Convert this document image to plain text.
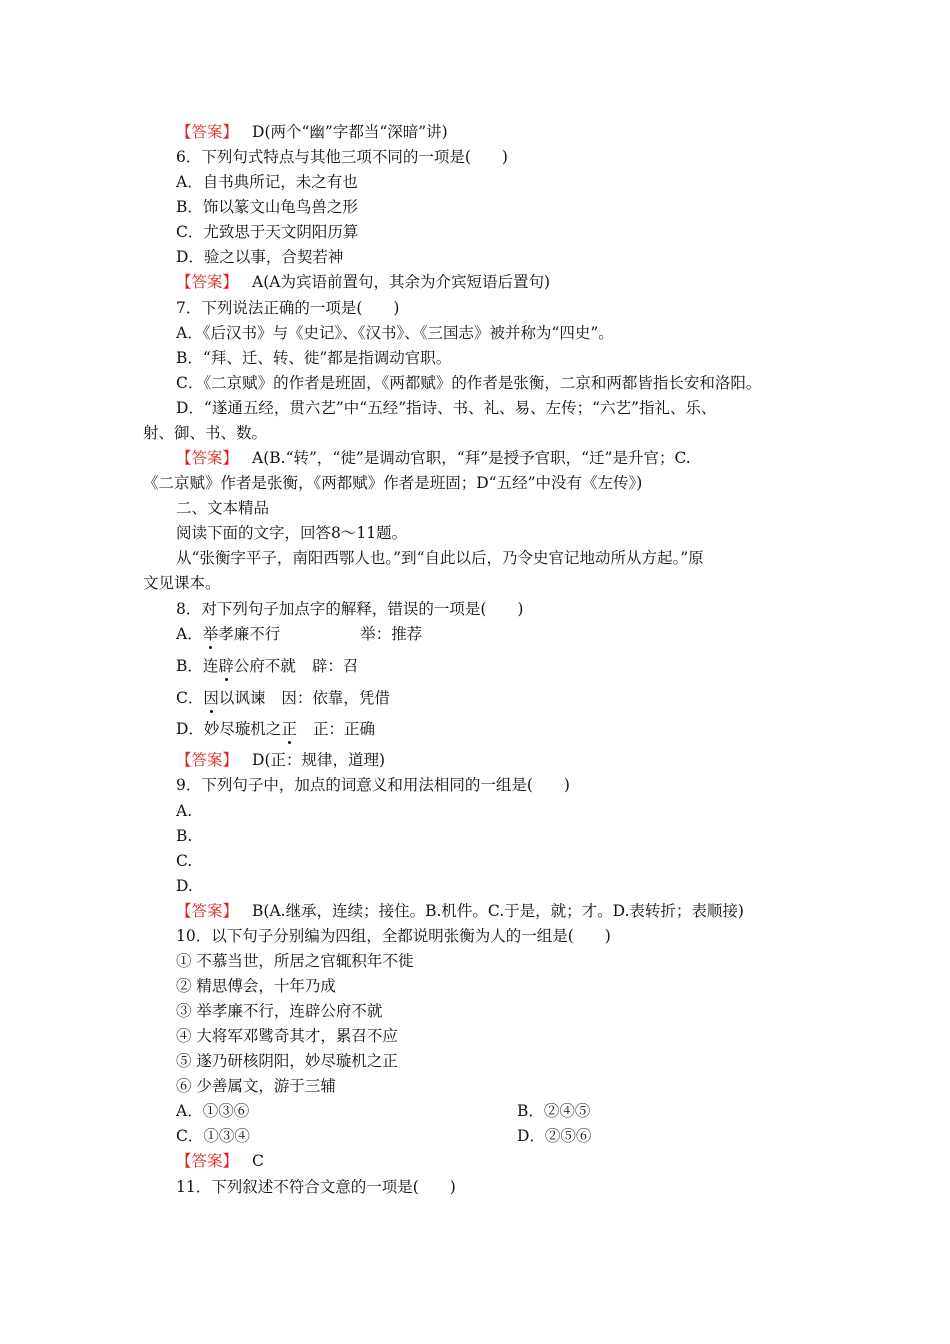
【答案】 D(两个“幽”字都当“深暗”讲)
6．下列句式特点与其他三项不同的一项是(　　)
A．自书典所记，未之有也
B．饰以篆文山龟鸟兽之形
C．尤致思于天文阴阳历算
D．验之以事，合契若神
【答案】 A(A为宾语前置句，其余为介宾短语后置句)
7．下列说法正确的一项是(　　)
A．《后汉书》与《史记》、《汉书》、《三国志》被并称为“四史”。
B．“拜、迁、转、徙”都是指调动官职。
C．《二京赋》的作者是班固，《两都赋》的作者是张衡，二京和两都皆指长安和洛阳。
D．“遂通五经，贯六艺”中“五经”指诗、书、礼、易、左传；“六艺”指礼、乐、
射、御、书、数。
【答案】 A(B.“转”，“徙”是调动官职，“拜”是授予官职，“迁”是升官；C.
《二京赋》作者是张衡，《两都赋》作者是班固；D“五经”中没有《左传》)
二、文本精品
阅读下面的文字，回答8～11题。
从“张衡字平子，南阳西鄂人也。”到“自此以后，乃令史官记地动所从方起。”原
文见课本。
8．对下列句子加点字的解释，错误的一项是(　　)
A．举孝廉不行	举：推荐
B．连辟公府不就 辟：召
C．因以讽谏 因：依靠，凭借
D．妙尽璇机之正 正：正确
【答案】 D(正：规律，道理)
9．下列句子中，加点的词意义和用法相同的一组是(　　)
A.
B.
C.
D.
【答案】 B(A.继承，连续；接住。B.机件。C.于是，就；才。D.表转折；表顺接)
10．以下句子分别编为四组，全都说明张衡为人的一组是(　　)
① 不慕当世，所居之官辄积年不徙
② 精思傅会，十年乃成
③ 举孝廉不行，连辟公府不就
④ 大将军邓骘奇其才，累召不应
⑤ 遂乃研核阴阳，妙尽璇机之正
⑥ 少善属文，游于三辅
A．①③⑥	B．②④⑤
C．①③④	D．②⑤⑥
【答案】 C
11．下列叙述不符合文意的一项是(　　)
